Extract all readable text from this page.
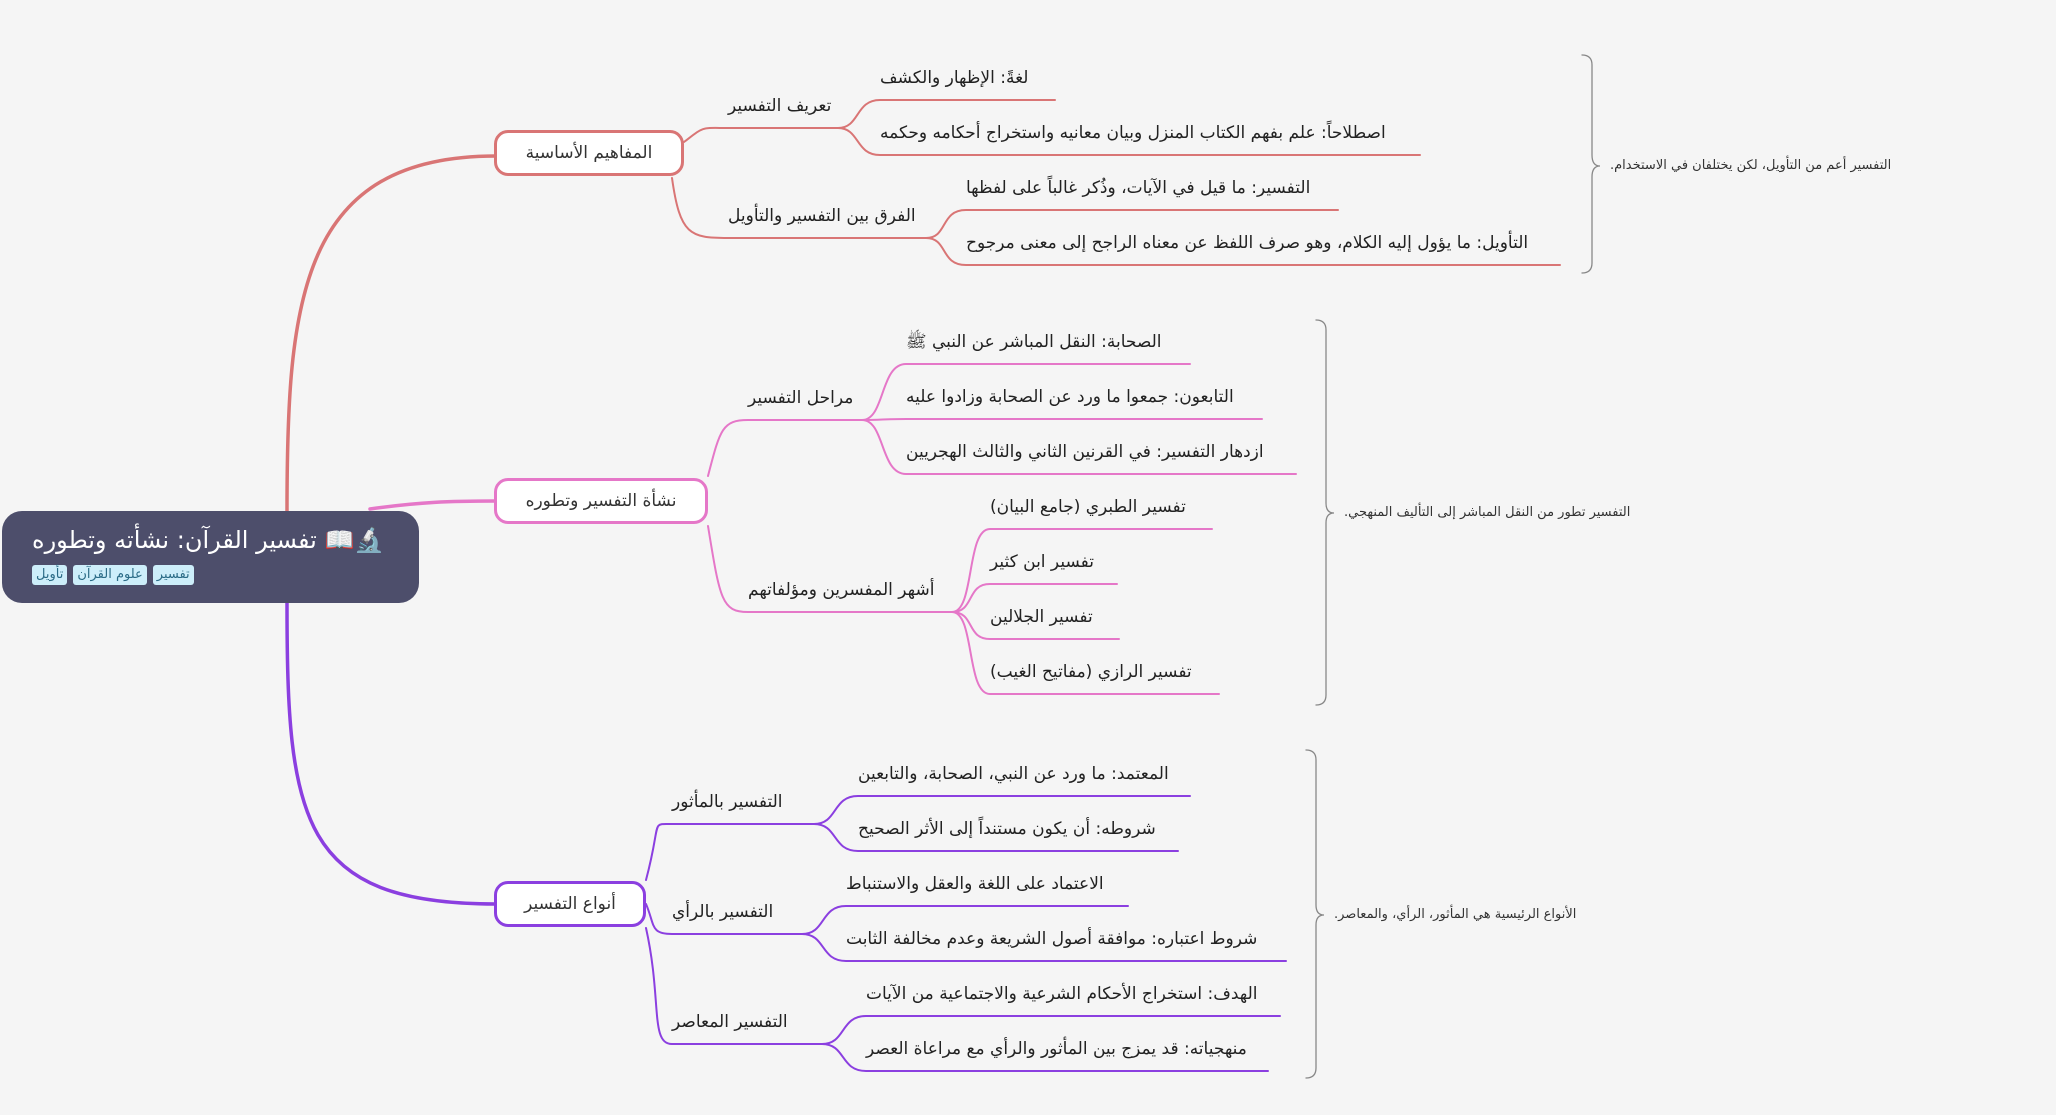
🔬📖 تفسير القرآن: نشأته وتطوره
تأويل	علوم القرآن	تفسير
المفاهيم الأساسية
نشأة التفسير وتطوره
أنواع التفسير
تعريف التفسير
الفرق بين التفسير والتأويل
لغةً: الإظهار والكشف
اصطلاحاً: علم بفهم الكتاب المنزل وبيان معانيه واستخراج أحكامه وحكمه
التفسير: ما قيل في الآيات، وذُكر غالباً على لفظها
التأويل: ما يؤول إليه الكلام، وهو صرف اللفظ عن معناه الراجح إلى معنى مرجوح
التفسير أعم من التأويل، لكن يختلفان في الاستخدام.
مراحل التفسير
أشهر المفسرين ومؤلفاتهم
الصحابة: النقل المباشر عن النبي ﷺ
التابعون: جمعوا ما ورد عن الصحابة وزادوا عليه
ازدهار التفسير: في القرنين الثاني والثالث الهجريين
تفسير الطبري (جامع البيان)
تفسير ابن كثير
تفسير الجلالين
تفسير الرازي (مفاتيح الغيب)
التفسير تطور من النقل المباشر إلى التأليف المنهجي.
التفسير بالمأثور
التفسير بالرأي
التفسير المعاصر
المعتمد: ما ورد عن النبي، الصحابة، والتابعين
شروطه: أن يكون مستنداً إلى الأثر الصحيح
الاعتماد على اللغة والعقل والاستنباط
شروط اعتباره: موافقة أصول الشريعة وعدم مخالفة الثابت
الهدف: استخراج الأحكام الشرعية والاجتماعية من الآيات
منهجياته: قد يمزج بين المأثور والرأي مع مراعاة العصر
الأنواع الرئيسية هي المأثور، الرأي، والمعاصر.
